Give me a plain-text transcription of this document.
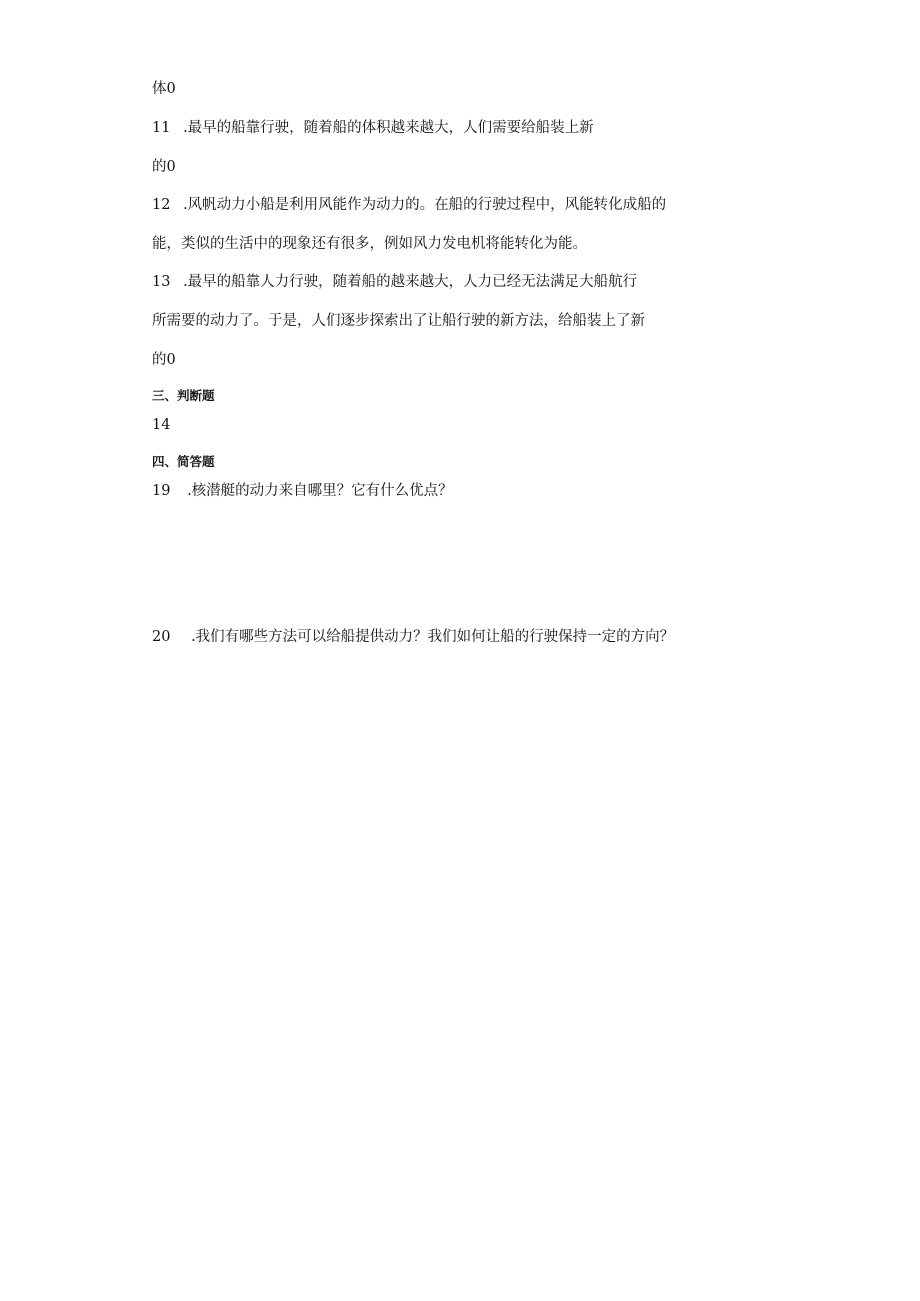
体0
11 .最早的船靠行驶，随着船的体积越来越大，人们需要给船装上新
的0
12 .风帆动力小船是利用风能作为动力的。在船的行驶过程中，风能转化成船的
能，类似的生活中的现象还有很多，例如风力发电机将能转化为能。
13 .最早的船靠人力行驶，随着船的越来越大，人力已经无法满足大船航行
所需要的动力了。于是，人们逐步探索出了让船行驶的新方法，给船装上了新
的0
三、判断题
14
四、简答题
19 .核潜艇的动力来自哪里？它有什么优点？
20 .我们有哪些方法可以给船提供动力？我们如何让船的行驶保持一定的方向？
